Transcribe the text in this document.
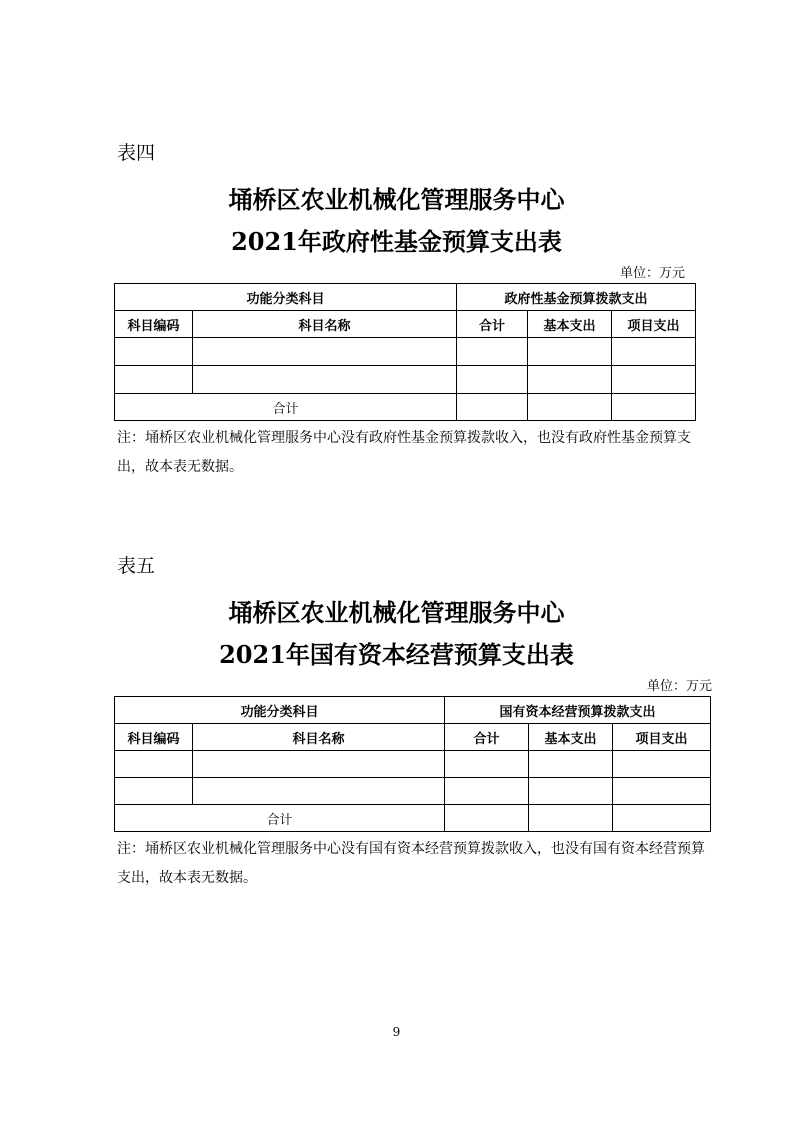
表四
埇桥区农业机械化管理服务中心
2021年政府性基金预算支出表
单位：万元
功能分类科目		政府性基金预算拨款支出		
科目编码	科目名称	合计	基本支出	项目支出

合计				
注：埇桥区农业机械化管理服务中心没有政府性基金预算拨款收入，也没有政府性基金预算支出，故本表无数据。
表五
埇桥区农业机械化管理服务中心
2021年国有资本经营预算支出表
单位：万元
功能分类科目		国有资本经营预算拨款支出		
科目编码	科目名称	合计	基本支出	项目支出

合计				
注：埇桥区农业机械化管理服务中心没有国有资本经营预算拨款收入，也没有国有资本经营预算支出，故本表无数据。
9
